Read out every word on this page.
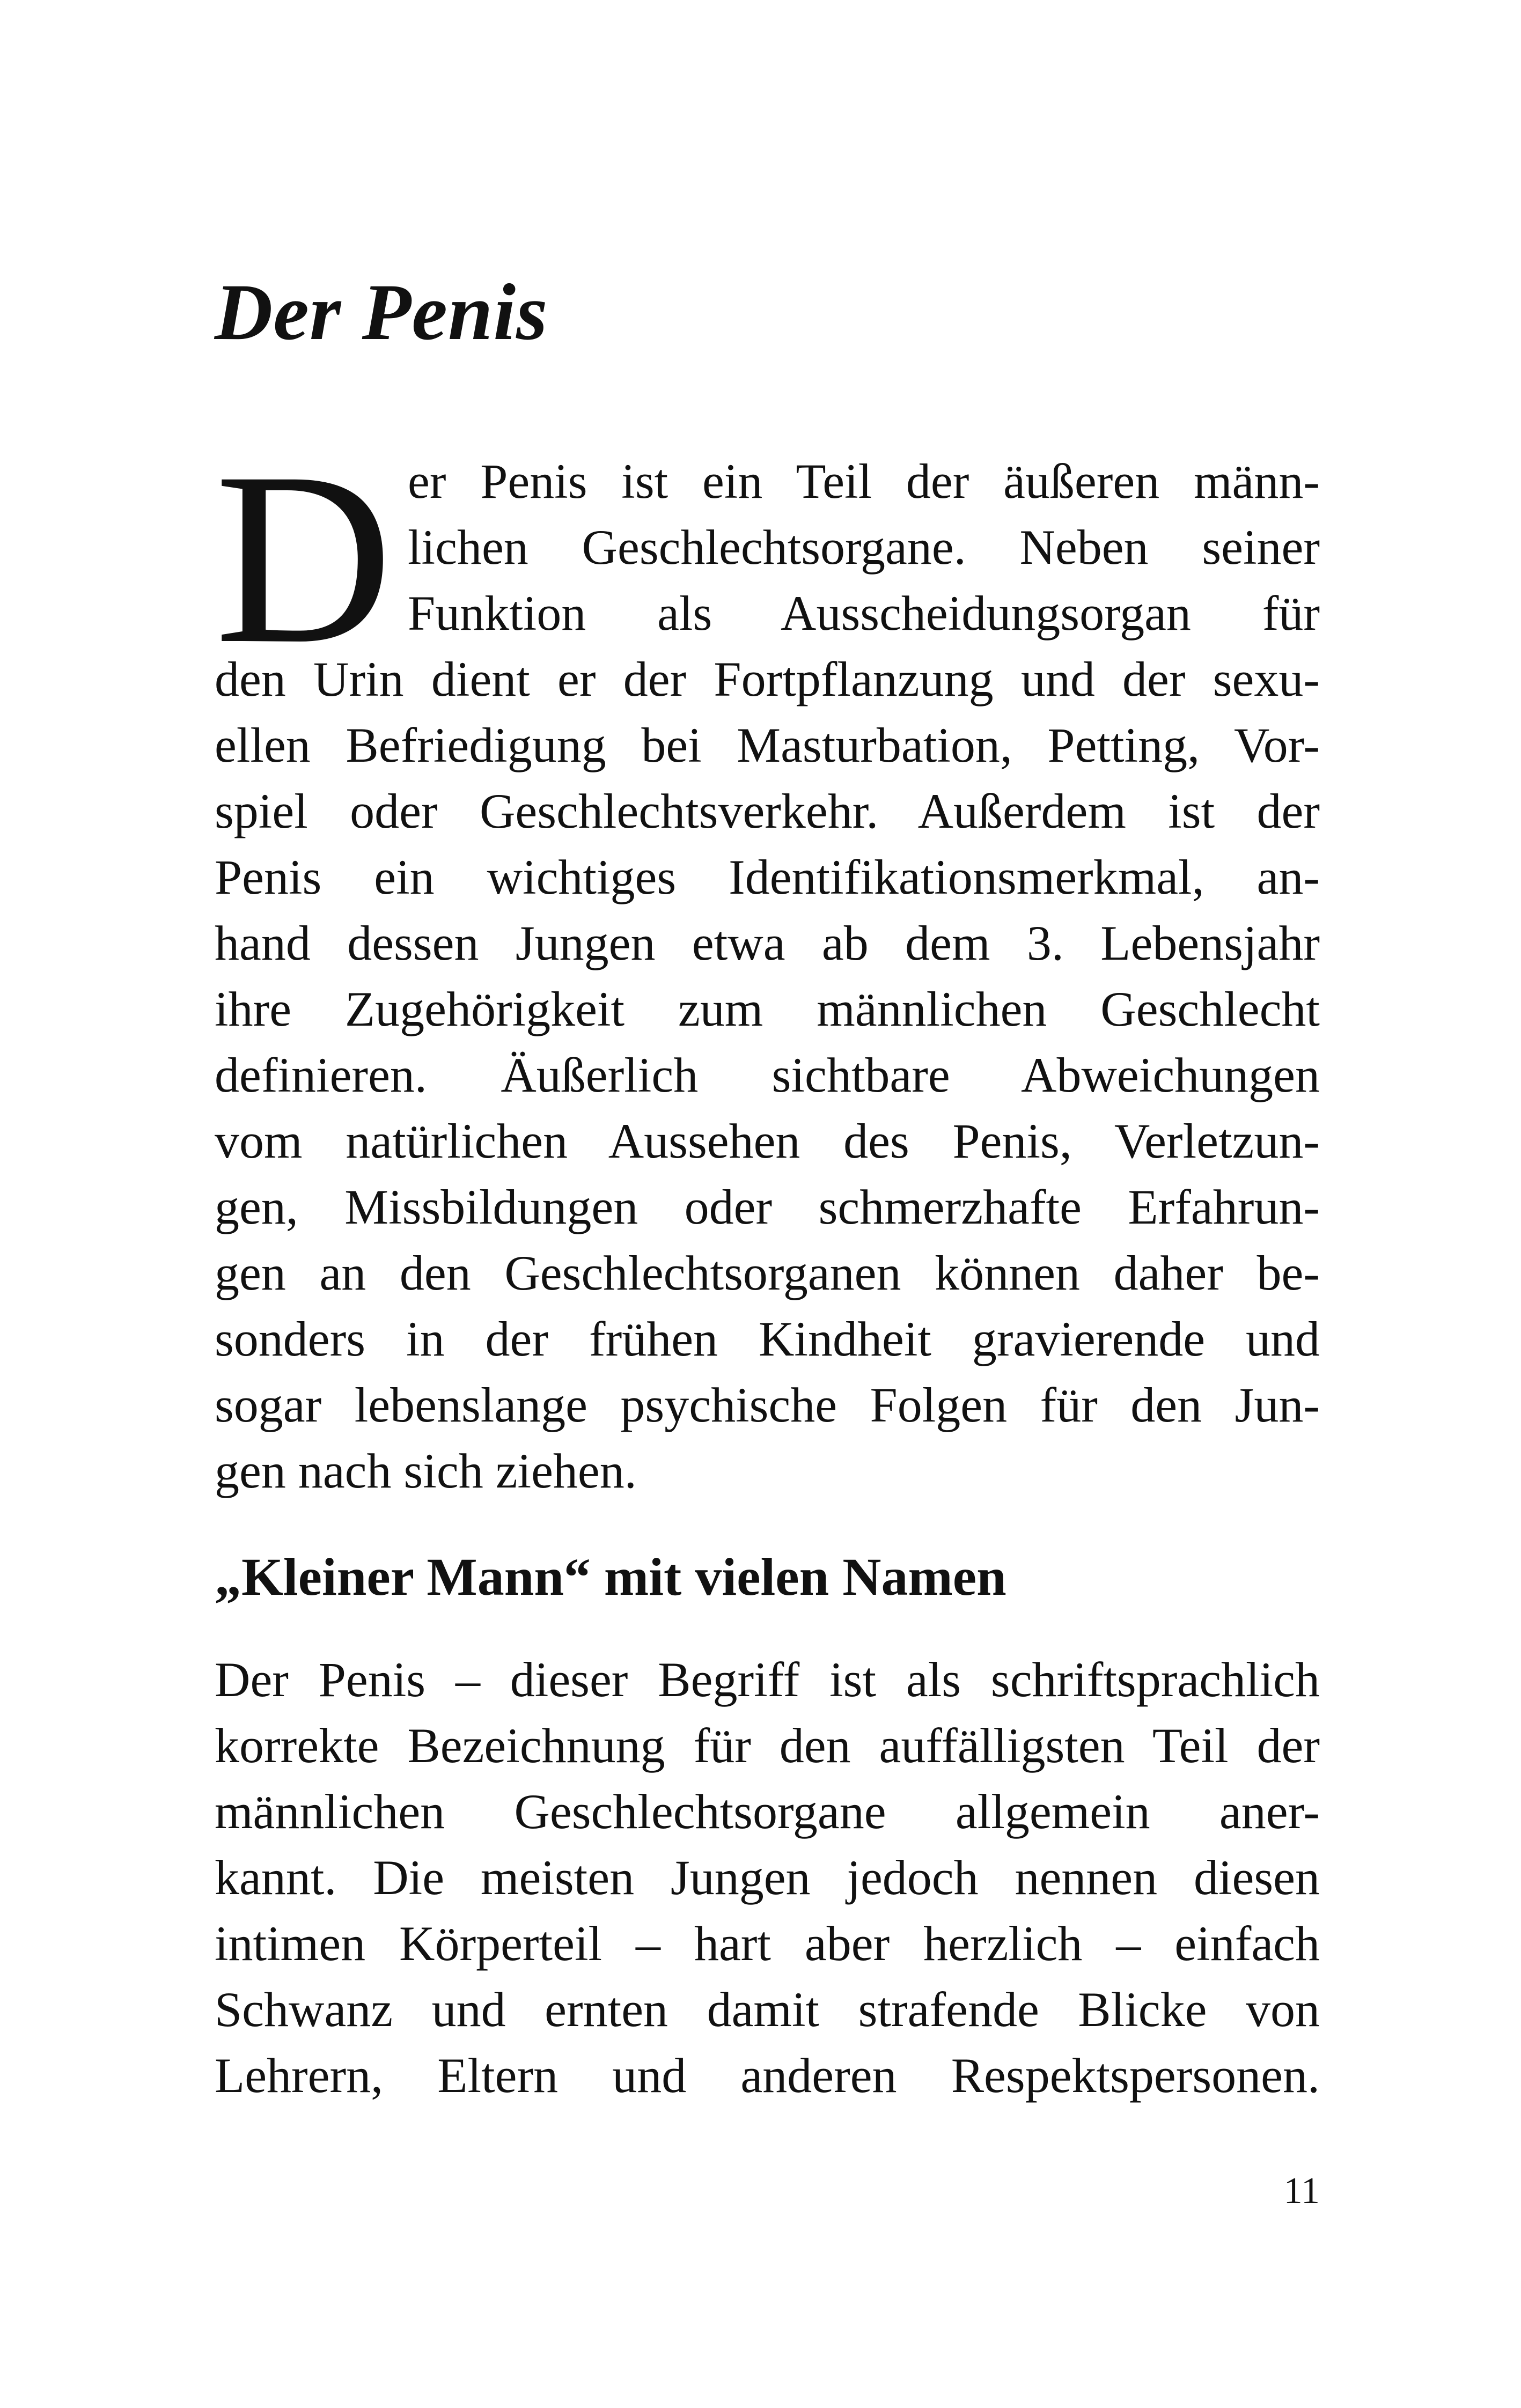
Der Penis
D er Penis ist ein Teil der äußeren männ-
lichen Geschlechtsorgane. Neben seiner
Funktion als Ausscheidungsorgan für

den Urin dient er der Fortpflanzung und der sexu-
ellen Befriedigung bei Masturbation, Petting, Vor-
spiel oder Geschlechtsverkehr. Außerdem ist der
Penis ein wichtiges Identifikationsmerkmal, an-
hand dessen Jungen etwa ab dem 3. Lebensjahr
ihre Zugehörigkeit zum männlichen Geschlecht
definieren. Äußerlich sichtbare Abweichungen
vom natürlichen Aussehen des Penis, Verletzun-
gen, Missbildungen oder schmerzhafte Erfahrun-
gen an den Geschlechtsorganen können daher be-
sonders in der frühen Kindheit gravierende und
sogar lebenslange psychische Folgen für den Jun-
gen nach sich ziehen.

„Kleiner Mann“ mit vielen Namen

Der Penis – dieser Begriff ist als schriftsprachlich
korrekte Bezeichnung für den auffälligsten Teil der
männlichen Geschlechtsorgane allgemein aner-
kannt. Die meisten Jungen jedoch nennen diesen
intimen Körperteil – hart aber herzlich – einfach
Schwanz und ernten damit strafende Blicke von
Lehrern, Eltern und anderen Respektspersonen.

11
